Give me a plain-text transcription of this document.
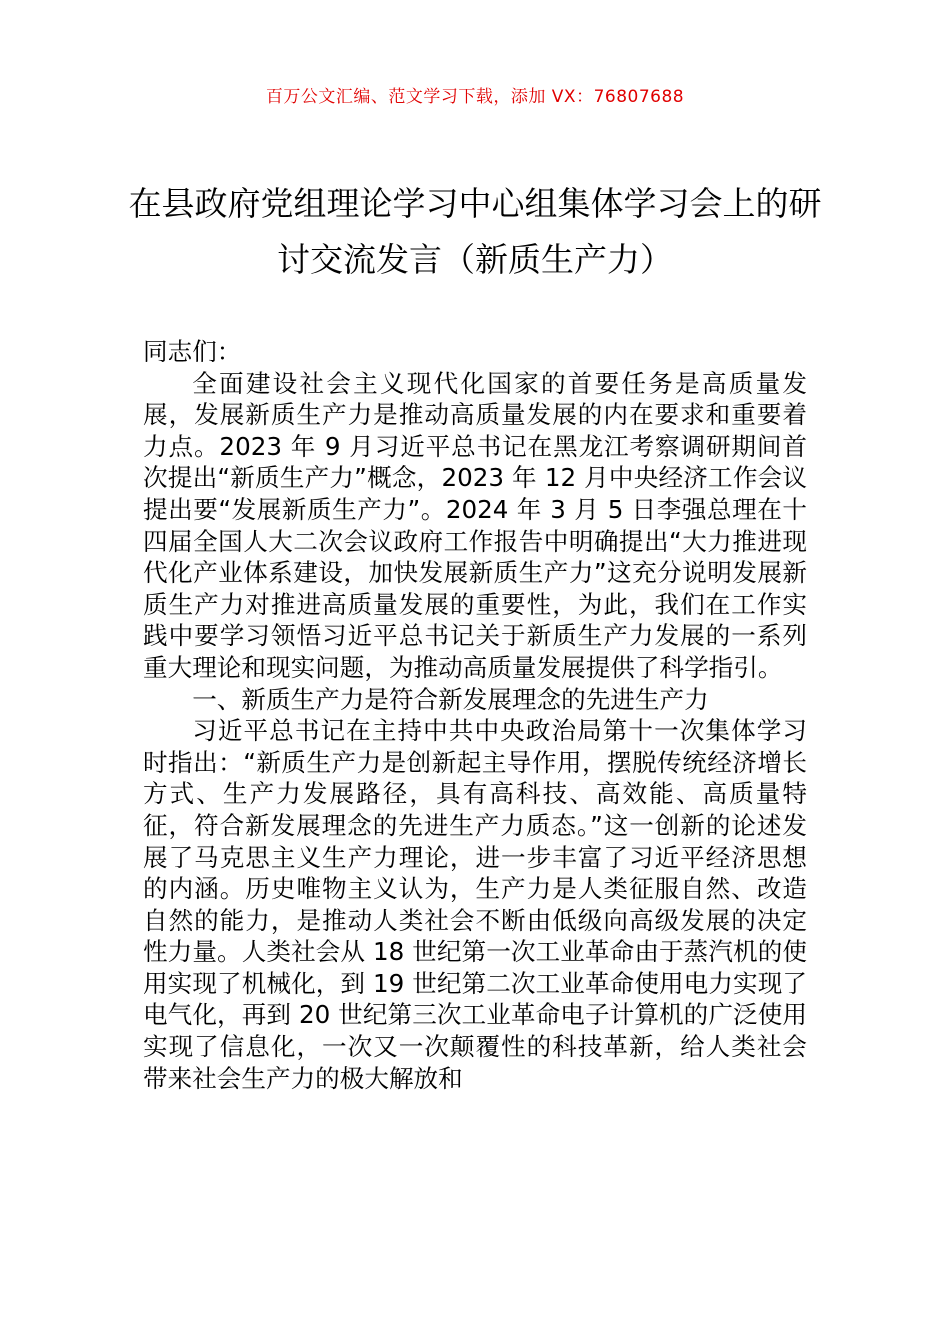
百万公文汇编、范文学习下载，添加 VX：76807688
在县政府党组理论学习中心组集体学习会上的研讨交流发言（新质生产力）

同志们：

全面建设社会主义现代化国家的首要任务是高质量发展，发展新质生产力是推动高质量发展的内在要求和重要着力点。2023 年 9 月习近平总书记在黑龙江考察调研期间首次提出“新质生产力”概念，2023 年 12 月中央经济工作会议提出要“发展新质生产力”。2024 年 3 月 5 日李强总理在十四届全国人大二次会议政府工作报告中明确提出“大力推进现代化产业体系建设，加快发展新质生产力”这充分说明发展新质生产力对推进高质量发展的重要性，为此，我们在工作实践中要学习领悟习近平总书记关于新质生产力发展的一系列重大理论和现实问题，为推动高质量发展提供了科学指引。

一、新质生产力是符合新发展理念的先进生产力

习近平总书记在主持中共中央政治局第十一次集体学习时指出：“新质生产力是创新起主导作用，摆脱传统经济增长方式、生产力发展路径，具有高科技、高效能、高质量特征，符合新发展理念的先进生产力质态。”这一创新的论述发展了马克思主义生产力理论，进一步丰富了习近平经济思想的内涵。历史唯物主义认为，生产力是人类征服自然、改造自然的能力，是推动人类社会不断由低级向高级发展的决定性力量。人类社会从 18 世纪第一次工业革命由于蒸汽机的使用实现了机械化，到 19 世纪第二次工业革命使用电力实现了电气化，再到 20 世纪第三次工业革命电子计算机的广泛使用实现了信息化，一次又一次颠覆性的科技革新，给人类社会带来社会生产力的极大解放和
